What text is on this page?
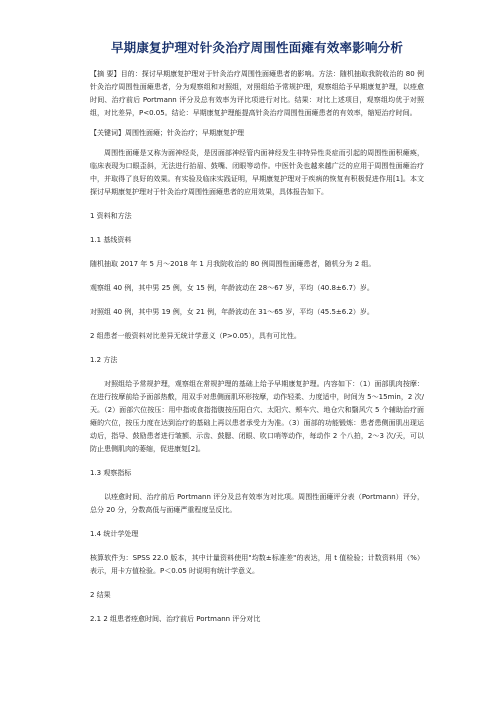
早期康复护理对针灸治疗周围性面瘫有效率影响分析

【摘 要】目的：探讨早期康复护理对于针灸治疗周围性面瘫患者的影响。方法：随机抽取我院收治的 80 例针灸治疗周围性面瘫患者，分为观察组和对照组，对照组给予常规护理，观察组给予早期康复护理，以痊愈时间、治疗前后 Portmann 评分及总有效率为评比项进行对比。结果：对比上述项目，观察组均优于对照组，对比差异，P<0.05。结论：早期康复护理能提高针灸治疗周围性面瘫患者的有效率，缩短治疗时间。

【关键词】周围性面瘫；针灸治疗；早期康复护理

周围性面瘫是又称为面神经炎，是因面部神经管内面神经发生非特异性炎症而引起的周围性面积瘫痪，临床表现为口眼歪斜，无法进行抬眉、鼓嘴、闭眼等动作。中医针灸也越来越广泛的应用于周围性面瘫治疗中，并取得了良好的效果。有实验及临床实践证明，早期康复护理对于疾病的恢复有积极促进作用[1]。本文探讨早期康复护理对于针灸治疗周围性面瘫患者的应用效果，具体报告如下。

1 资料和方法

1.1 基线资料

随机抽取 2017 年 5 月～2018 年 1 月我院收治的 80 例周围性面瘫患者，随机分为 2 组。

观察组 40 例，其中男 25 例，女 15 例，年龄波动在 28～67 岁，平均（40.8±6.7）岁。

对照组 40 例，其中男 19 例，女 21 例，年龄波动在 31～65 岁，平均（45.5±6.2）岁。

2 组患者一般资料对比差异无统计学意义（P>0.05），具有可比性。

1.2 方法

对照组给予常规护理，观察组在常规护理的基础上给予早期康复护理。内容如下：（1）面部肌肉按摩：在进行按摩前给予面部热敷，用双手对患侧面肌环形按摩，动作轻柔、力度适中，时间为 5～15min，2 次/天。（2）面部穴位按压：用中指或食指指腹按压阳白穴、太阳穴、颊车穴、地仓穴和翳风穴 5 个辅助治疗面瘫的穴位，按压力度在达到治疗的基础上再以患者承受力为准。（3）面部的功能锻炼：患者患侧面肌出现运动后，指导、鼓励患者进行皱额、示齿、鼓腮、闭眼、吹口哨等动作，每动作 2 个八拍，2～3 次/天，可以防止患侧肌肉的萎缩，促进康复[2]。

1.3 观察指标

以痊愈时间、治疗前后 Portmann 评分及总有效率为对比项。周围性面瘫评分表（Portmann）评分，总分 20 分，分数高低与面瘫严重程度呈反比。

1.4 统计学处理

核算软件为：SPSS 22.0 版本，其中计量资料使用"均数±标准差"的表达，用 t 值检验；计数资料用（%）表示，用卡方值检验。P＜0.05 时说明有统计学意义。

2 结果

2.1 2 组患者痊愈时间、治疗前后 Portmann 评分对比
